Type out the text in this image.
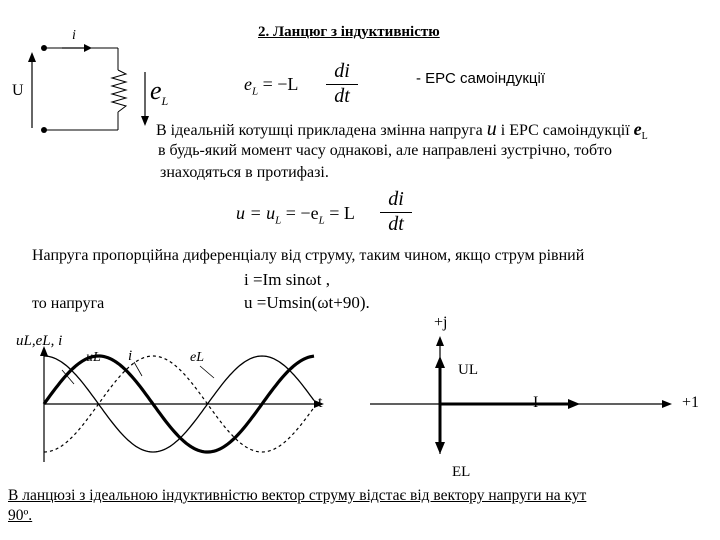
2. Ланцюг з індуктивністю
i
U	$e_L$
$e_L = -L$
di
dt
- ЕРС самоіндукції
В ідеальній котушці прикладена змінна напруга u і ЕРС самоіндукції $e_L$
в будь-який момент часу однакові, але направлені зустрічно, тобто
знаходяться в протифазі.
$u = u_L = -e_L = L$
di
dt
Напруга пропорційна диференціалу від струму, таким чином, якщо струм рівний
i =Im sinωt ,
то напруга	u =Umsin(ωt+90).
uL,eL, i
uL i	eL
t
+j
UL
I	+1
EL
В ланцюзі з ідеальною індуктивністю вектор струму відстає від вектору напруги на кут
90º.
